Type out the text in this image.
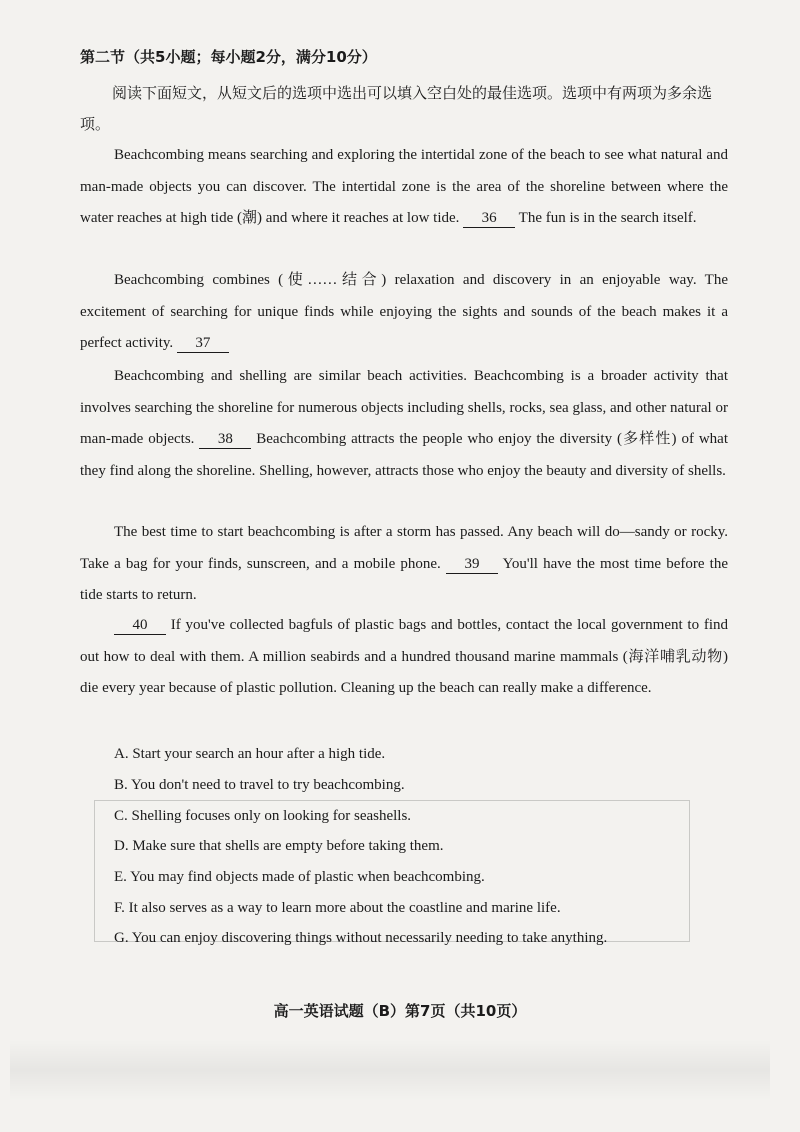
第二节（共5小题；每小题2分，满分10分）
阅读下面短文，从短文后的选项中选出可以填入空白处的最佳选项。选项中有两项为多余选项。
Beachcombing means searching and exploring the intertidal zone of the beach to see what natural and man-made objects you can discover. The intertidal zone is the area of the shoreline between where the water reaches at high tide (潮) and where it reaches at low tide. 36 The fun is in the search itself.
Beachcombing combines (使……结合) relaxation and discovery in an enjoyable way. The excitement of searching for unique finds while enjoying the sights and sounds of the beach makes it a perfect activity. 37
Beachcombing and shelling are similar beach activities. Beachcombing is a broader activity that involves searching the shoreline for numerous objects including shells, rocks, sea glass, and other natural or man-made objects. 38 Beachcombing attracts the people who enjoy the diversity (多样性) of what they find along the shoreline. Shelling, however, attracts those who enjoy the beauty and diversity of shells.
The best time to start beachcombing is after a storm has passed. Any beach will do—sandy or rocky. Take a bag for your finds, sunscreen, and a mobile phone. 39 You'll have the most time before the tide starts to return.
40 If you've collected bagfuls of plastic bags and bottles, contact the local government to find out how to deal with them. A million seabirds and a hundred thousand marine mammals (海洋哺乳动物) die every year because of plastic pollution. Cleaning up the beach can really make a difference.
A. Start your search an hour after a high tide.
B. You don't need to travel to try beachcombing.
C. Shelling focuses only on looking for seashells.
D. Make sure that shells are empty before taking them.
E. You may find objects made of plastic when beachcombing.
F. It also serves as a way to learn more about the coastline and marine life.
G. You can enjoy discovering things without necessarily needing to take anything.
高一英语试题（B）第7页（共10页）
